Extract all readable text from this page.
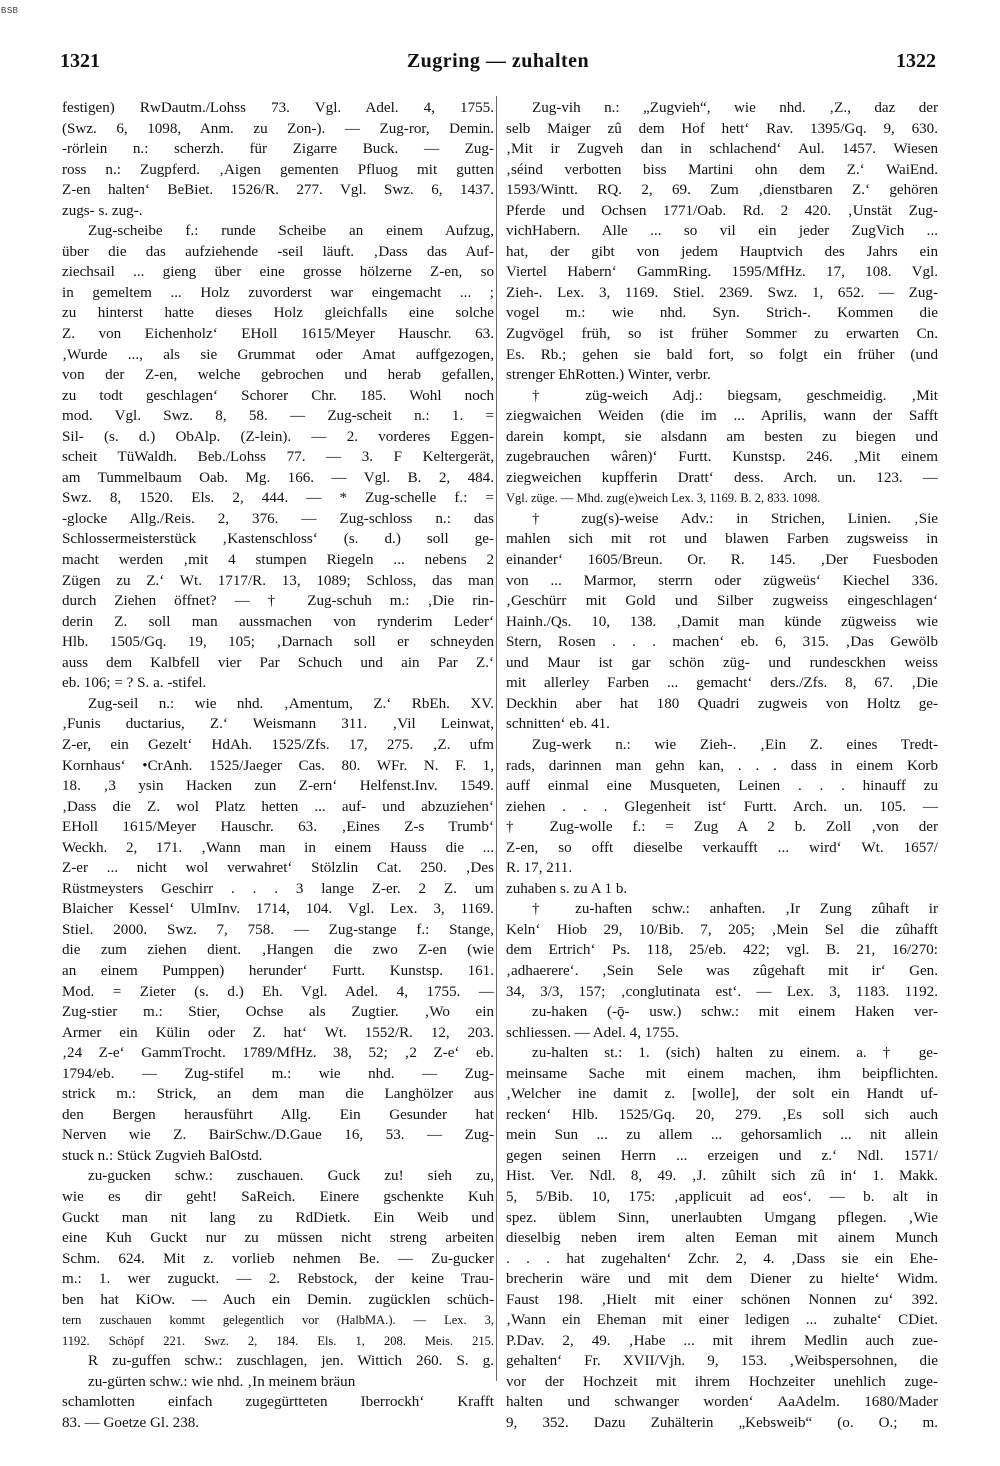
BSB
1321	Zugring — zuhalten	1322
festigen) RwDautm./Lohss 73. Vgl. Adel. 4, 1755.
(Swz. 6, 1098, Anm. zu Zon-). — Zug-ror, Demin.
-rörlein n.: scherzh. für Zigarre Buck. — Zug-
ross n.: Zugpferd. ‚Aigen gementen Pfluog mit gutten
Z-en halten‘ BeBiet. 1526/R. 277. Vgl. Swz. 6, 1437.
zugs- s. zug-.
Zug-scheibe f.: runde Scheibe an einem Aufzug,
über die das aufziehende -seil läuft. ‚Dass das Auf-
ziechsail ... gieng über eine grosse hölzerne Z-en, so
in gemeltem ... Holz zuvorderst war eingemacht ... ;
zu hinterst hatte dieses Holz gleichfalls eine solche
Z. von Eichenholz‘ EHoll 1615/Meyer Hauschr. 63.
‚Wurde ..., als sie Grummat oder Amat auffgezogen,
von der Z-en, welche gebrochen und herab gefallen,
zu todt geschlagen‘ Schorer Chr. 185. Wohl noch
mod. Vgl. Swz. 8, 58. — Zug-scheit n.: 1. =
Sil- (s. d.) ObAlp. (Z-lein). — 2. vorderes Eggen-
scheit TüWaldh. Beb./Lohss 77. — 3. F Keltergerät,
am Tummelbaum Oab. Mg. 166. — Vgl. B. 2, 484.
Swz. 8, 1520. Els. 2, 444. — * Zug-schelle f.: =
-glocke Allg./Reis. 2, 376. — Zug-schloss n.: das
Schlossermeisterstück ‚Kastenschloss‘ (s. d.) soll ge-
macht werden ‚mit 4 stumpen Riegeln ... nebens 2
Zügen zu Z.‘ Wt. 1717/R. 13, 1089; Schloss, das man
durch Ziehen öffnet? — † Zug-schuh m.: ‚Die rin-
derin Z. soll man aussmachen von rynderim Leder‘
Hlb. 1505/Gq. 19, 105; ‚Darnach soll er schneyden
auss dem Kalbfell vier Par Schuch und ain Par Z.‘
eb. 106; = ? S. a. -stifel.
Zug-seil n.: wie nhd. ‚Amentum, Z.‘ RbEh. XV.
‚Funis ductarius, Z.‘ Weismann 311. ‚Vil Leinwat,
Z-er, ein Gezelt‘ HdAh. 1525/Zfs. 17, 275. ‚Z. ufm
Kornhaus‘ •CrAnh. 1525/Jaeger Cas. 80. WFr. N. F. 1,
18. ‚3 ysin Hacken zun Z-ern‘ Helfenst.Inv. 1549.
‚Dass die Z. wol Platz hetten ... auf- und abzuziehen‘
EHoll 1615/Meyer Hauschr. 63. ‚Eines Z-s Trumb‘
Weckh. 2, 171. ‚Wann man in einem Hauss die ...
Z-er ... nicht wol verwahret‘ Stölzlin Cat. 250. ‚Des
Rüstmeysters Geschirr . . . 3 lange Z-er. 2 Z. um
Blaicher Kessel‘ UlmInv. 1714, 104. Vgl. Lex. 3, 1169.
Stiel. 2000. Swz. 7, 758. — Zug-stange f.: Stange,
die zum ziehen dient. ‚Hangen die zwo Z-en (wie
an einem Pumppen) herunder‘ Furtt. Kunstsp. 161.
Mod. = Zieter (s. d.) Eh. Vgl. Adel. 4, 1755. —
Zug-stier m.: Stier, Ochse als Zugtier. ‚Wo ein
Armer ein Külin oder Z. hat‘ Wt. 1552/R. 12, 203.
‚24 Z-e‘ GammTrocht. 1789/MfHz. 38, 52; ‚2 Z-e‘ eb.
1794/eb. — Zug-stifel m.: wie nhd. — Zug-
strick m.: Strick, an dem man die Langhölzer aus
den Bergen herausführt Allg. Ein Gesunder hat
Nerven wie Z. BairSchw./D.Gaue 16, 53. — Zug-
stuck n.: Stück Zugvieh BalOstd.
zu-gucken schw.: zuschauen. Guck zu! sieh zu,
wie es dir geht! SaReich. Einere gschenkte Kuh
Guckt man nit lang zu RdDietk. Ein Weib und
eine Kuh Guckt nur zu müssen nicht streng arbeiten
Schm. 624. Mit z. vorlieb nehmen Be. — Zu-gucker
m.: 1. wer zuguckt. — 2. Rebstock, der keine Trau-
ben hat KiOw. — Auch ein Demin. zugücklen schüch-
tern zuschauen kommt gelegentlich vor (HalbMA.). — Lex. 3,
1192. Schöpf 221. Swz. 2, 184. Els. 1, 208. Meis. 215.
R zu-guffen schw.: zuschlagen, jen. Wittich 260. S. g.
zu-gürten schw.: wie nhd. ‚In meinem bräun
schamlotten einfach zugegürtteten Iberrockh‘ Krafft
83. — Goetze Gl. 238.
Zug-vih n.: „Zugvieh“, wie nhd. ‚Z., daz der
selb Maiger zû dem Hof hett‘ Rav. 1395/Gq. 9, 630.
‚Mit ir Zugveh dan in schlachend‘ Aul. 1457. Wiesen
‚séind verbotten biss Martini ohn dem Z.‘ WaiEnd.
1593/Wintt. RQ. 2, 69. Zum ‚dienstbaren Z.‘ gehören
Pferde und Ochsen 1771/Oab. Rd. 2 420. ‚Unstät Zug-
vichHabern. Alle ... so vil ein jeder ZugVich ...
hat, der gibt von jedem Hauptvich des Jahrs ein
Viertel Habern‘ GammRing. 1595/MfHz. 17, 108. Vgl.
Zieh-. Lex. 3, 1169. Stiel. 2369. Swz. 1, 652. — Zug-
vogel m.: wie nhd. Syn. Strich-. Kommen die
Zugvögel früh, so ist früher Sommer zu erwarten Cn.
Es. Rb.; gehen sie bald fort, so folgt ein früher (und
strenger EhRotten.) Winter, verbr.
† züg-weich Adj.: biegsam, geschmeidig. ‚Mit
ziegwaichen Weiden (die im ... Aprilis, wann der Safft
darein kompt, sie alsdann am besten zu biegen und
zugebrauchen wâren)‘ Furtt. Kunstsp. 246. ‚Mit einem
ziegweichen kupfferin Dratt‘ dess. Arch. un. 123. —
Vgl. züge. — Mhd. zug(e)weich Lex. 3, 1169. B. 2, 833. 1098.
† zug(s)-weise Adv.: in Strichen, Linien. ‚Sie
mahlen sich mit rot und blawen Farben zugsweiss in
einander‘ 1605/Breun. Or. R. 145. ‚Der Fuesboden
von ... Marmor, sterrn oder zügweüs‘ Kiechel 336.
‚Geschürr mit Gold und Silber zugweiss eingeschlagen‘
Hainh./Qs. 10, 138. ‚Damit man künde zügweiss wie
Stern, Rosen . . . machen‘ eb. 6, 315. ‚Das Gewölb
und Maur ist gar schön züg- und rundesckhen weiss
mit allerley Farben ... gemacht‘ ders./Zfs. 8, 67. ‚Die
Deckhin aber hat 180 Quadri zugweis von Holtz ge-
schnitten‘ eb. 41.
Zug-werk n.: wie Zieh-. ‚Ein Z. eines Tredt-
rads, darinnen man gehn kan, . . . dass in einem Korb
auff einmal eine Musqueten, Leinen . . . hinauff zu
ziehen . . . Glegenheit ist‘ Furtt. Arch. un. 105. —
† Zug-wolle f.: = Zug A 2 b. Zoll ‚von der
Z-en, so offt dieselbe verkaufft ... wird‘ Wt. 1657/
R. 17, 211.
zuhaben s. zu A 1 b.
† zu-haften schw.: anhaften. ‚Ir Zung zûhaft ir
Keln‘ Hiob 29, 10/Bib. 7, 205; ‚Mein Sel die zûhafft
dem Ertrich‘ Ps. 118, 25/eb. 422; vgl. B. 21, 16/270:
‚adhaerere‘. ‚Sein Sele was zûgehaft mit ir‘ Gen.
34, 3/3, 157; ‚conglutinata est‘. — Lex. 3, 1183. 1192.
zu-haken (-ǭ- usw.) schw.: mit einem Haken ver-
schliessen. — Adel. 4, 1755.
zu-halten st.: 1. (sich) halten zu einem. a. † ge-
meinsame Sache mit einem machen, ihm beipflichten.
‚Welcher ine damit z. [wolle], der solt ein Handt uf-
recken‘ Hlb. 1525/Gq. 20, 279. ‚Es soll sich auch
mein Sun ... zu allem ... gehorsamlich ... nit allein
gegen seinen Herrn ... erzeigen und z.‘ Ndl. 1571/
Hist. Ver. Ndl. 8, 49. ‚J. zûhilt sich zû in‘ 1. Makk.
5, 5/Bib. 10, 175: ‚applicuit ad eos‘. — b. alt in
spez. üblem Sinn, unerlaubten Umgang pflegen. ‚Wie
dieselbig neben irem alten Eeman mit ainem Munch
. . . hat zugehalten‘ Zchr. 2, 4. ‚Dass sie ein Ehe-
brecherin wäre und mit dem Diener zu hielte‘ Widm.
Faust 198. ‚Hielt mit einer schönen Nonnen zu‘ 392.
‚Wann ein Eheman mit einer ledigen ... zuhalte‘ CDiet.
P.Dav. 2, 49. ‚Habe ... mit ihrem Medlin auch zue-
gehalten‘ Fr. XVII/Vjh. 9, 153. ‚Weibspersohnen, die
vor der Hochzeit mit ihrem Hochzeiter unehlich zuge-
halten und schwanger worden‘ AaAdelm. 1680/Mader
9, 352. Dazu Zuhälterin „Kebsweib“ (o. O.; m.
